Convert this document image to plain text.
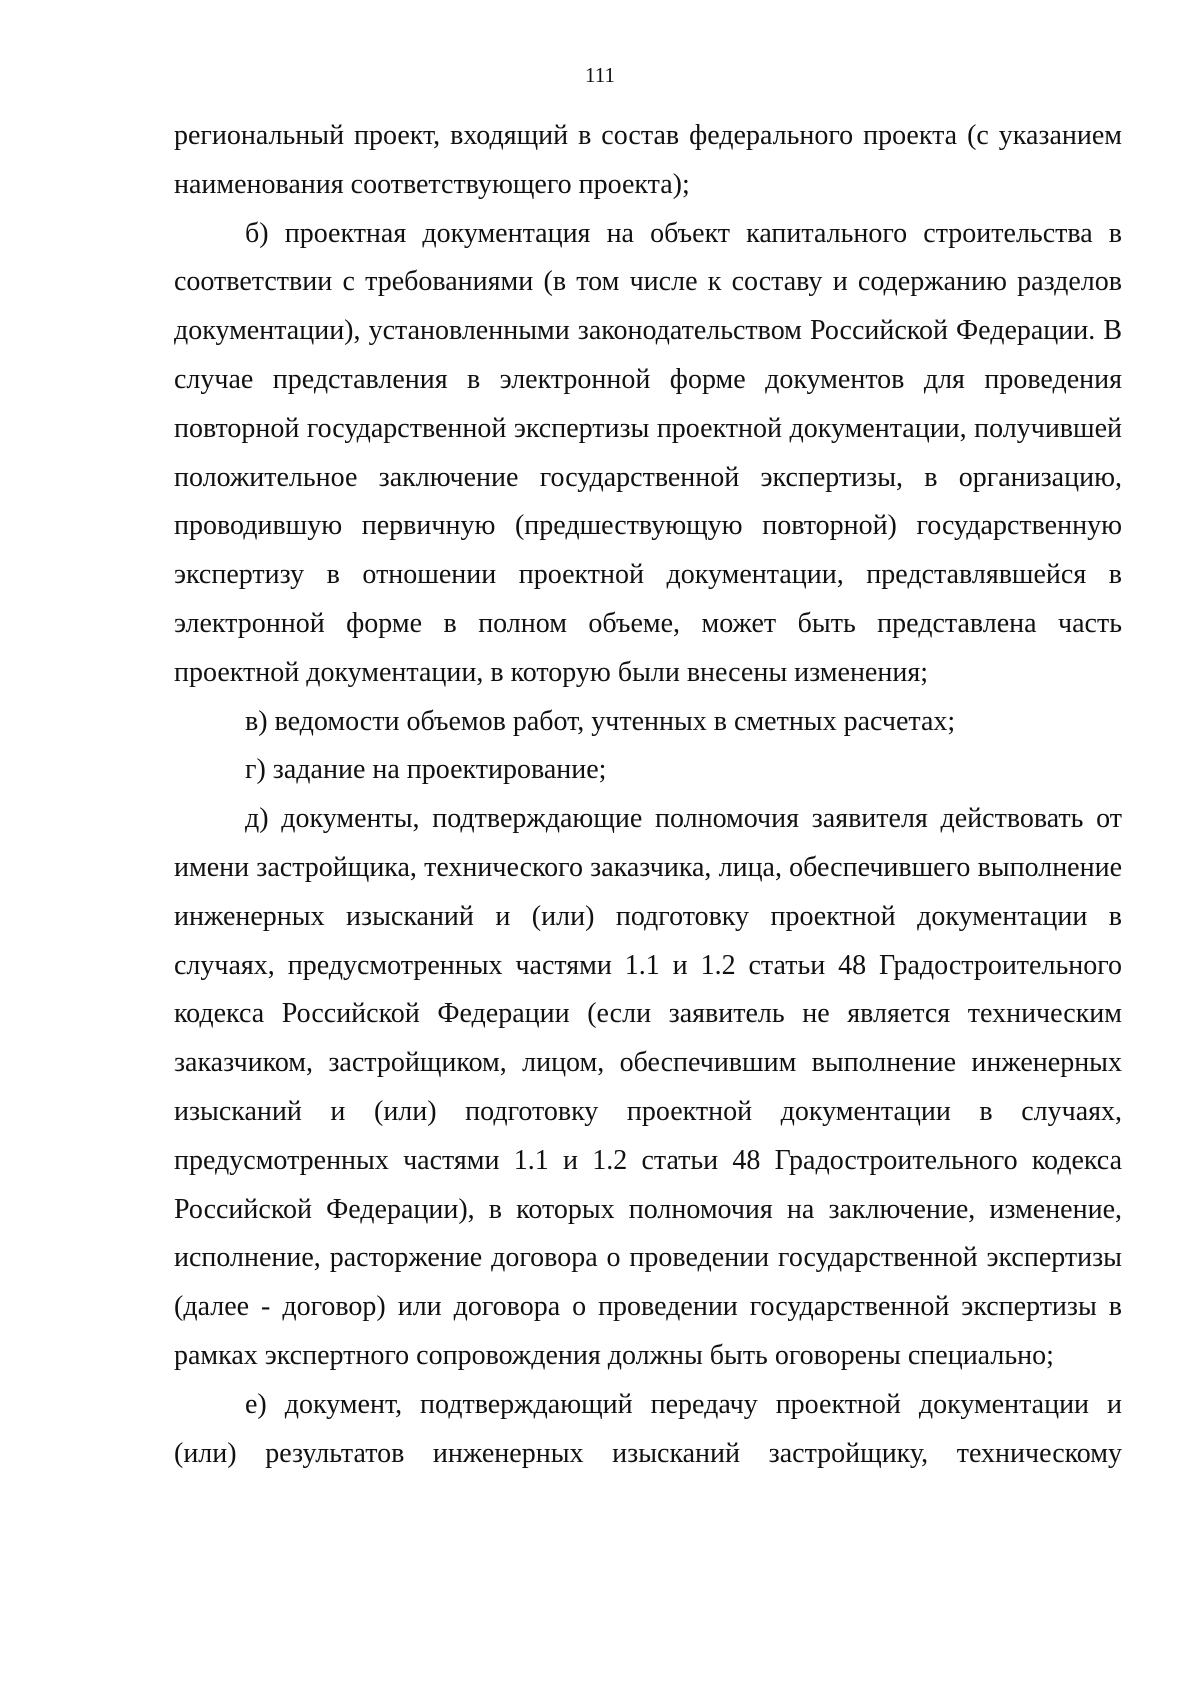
111

региональный проект, входящий в состав федерального проекта (с указанием наименования соответствующего проекта);

б) проектная документация на объект капитального строительства в соответствии с требованиями (в том числе к составу и содержанию разделов документации), установленными законодательством Российской Федерации. В случае представления в электронной форме документов для проведения повторной государственной экспертизы проектной документации, получившей положительное заключение государственной экспертизы, в организацию, проводившую первичную (предшествующую повторной) государственную экспертизу в отношении проектной документации, представлявшейся в электронной форме в полном объеме, может быть представлена часть проектной документации, в которую были внесены изменения;

в) ведомости объемов работ, учтенных в сметных расчетах;

г) задание на проектирование;

д) документы, подтверждающие полномочия заявителя действовать от имени застройщика, технического заказчика, лица, обеспечившего выполнение инженерных изысканий и (или) подготовку проектной документации в случаях, предусмотренных частями 1.1 и 1.2 статьи 48 Градостроительного кодекса Российской Федерации (если заявитель не является техническим заказчиком, застройщиком, лицом, обеспечившим выполнение инженерных изысканий и (или) подготовку проектной документации в случаях, предусмотренных частями 1.1 и 1.2 статьи 48 Градостроительного кодекса Российской Федерации), в которых полномочия на заключение, изменение, исполнение, расторжение договора о проведении государственной экспертизы (далее - договор) или договора о проведении государственной экспертизы в рамках экспертного сопровождения должны быть оговорены специально;

е) документ, подтверждающий передачу проектной документации и (или) результатов инженерных изысканий застройщику, техническому
